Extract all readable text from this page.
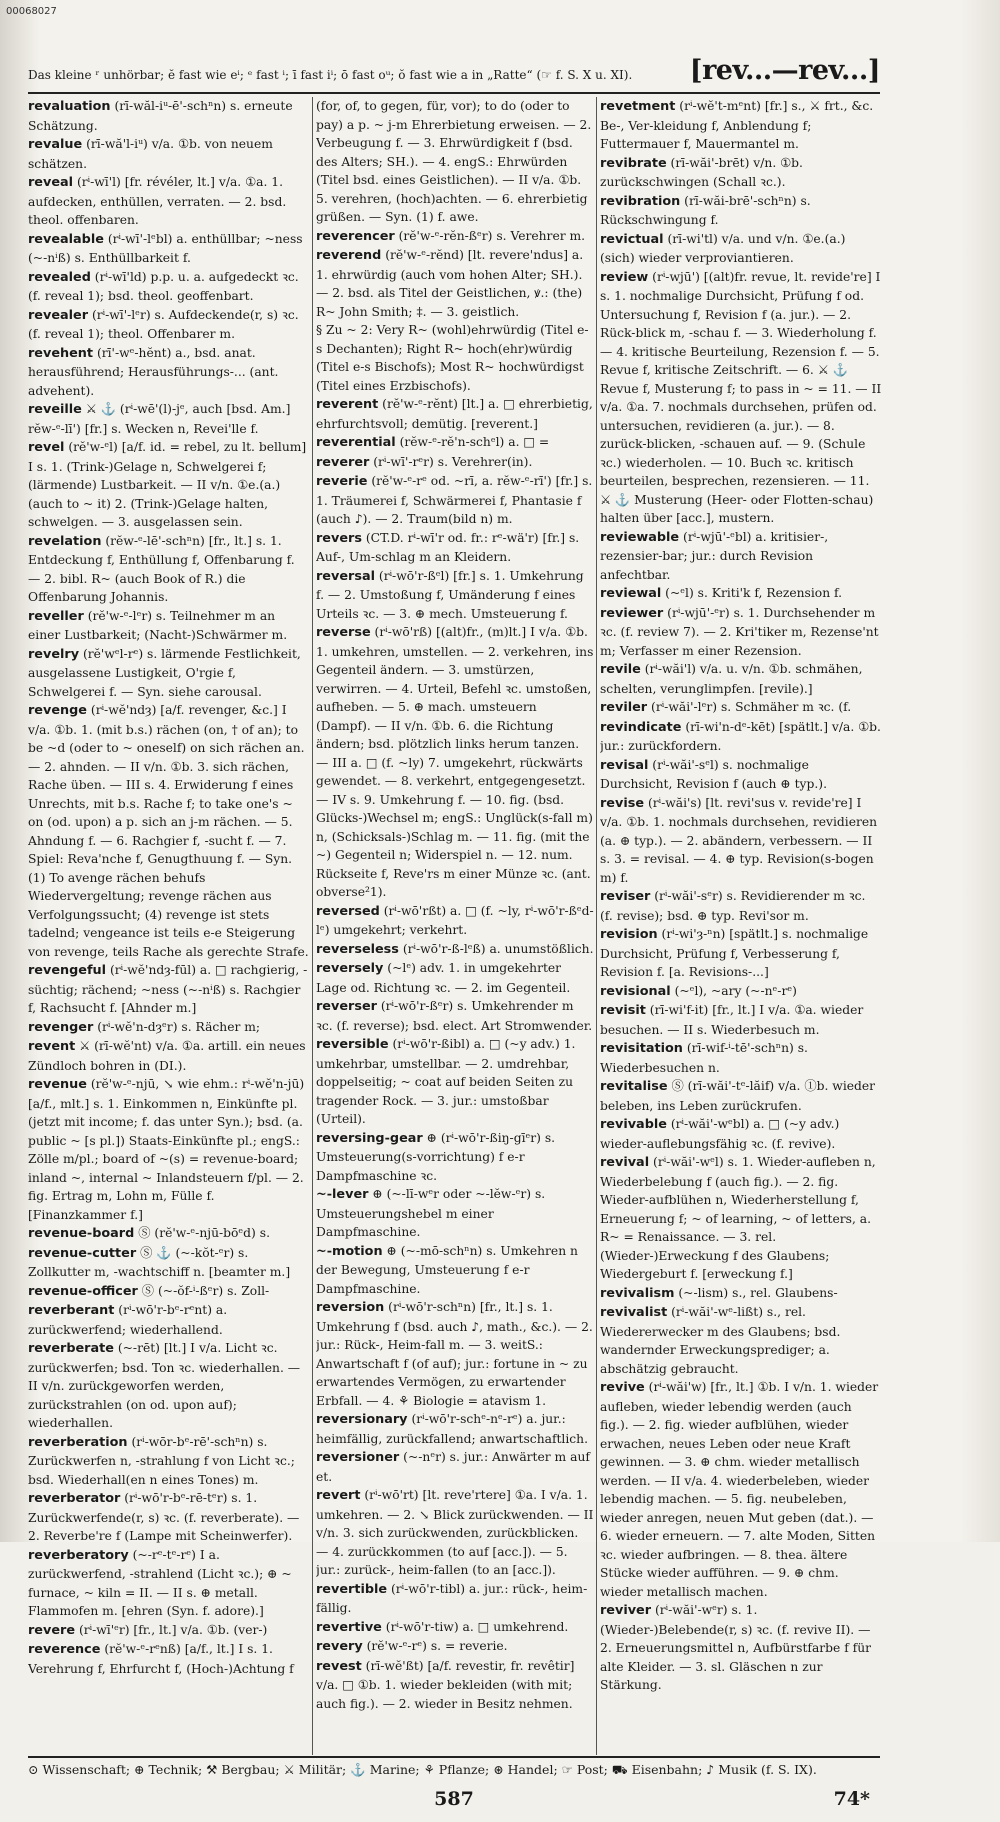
00068027
Das kleine ʳ unhörbar; ĕ fast wie eⁱ; ᵉ fast ⁱ; ī fast iⁱ; ō fast oᵘ; ŏ fast wie a in „Ratte“ (☞ f. S. X u. XI). [rev...—rev...]

revaluation (rī-wăl-iᵘ-ē'-schⁿn) s. erneute Schätzung.

revalue (rī-wă'l-iᵘ) v/a. ①b. von neuem schätzen.

reveal (rⁱ-wī'l) [fr. révéler, lt.] v/a. ①a. 1. aufdecken, enthüllen, verraten. — 2. bsd. theol. offenbaren.

revealable (rⁱ-wī'-lᵉbl) a. enthüllbar; ~ness (~-nⁱß) s. Enthüllbarkeit f.

revealed (rⁱ-wī'ld) p.p. u. a. aufgedeckt ꝛc. (f. reveal 1); bsd. theol. geoffenbart.

revealer (rⁱ-wī'-lᵉr) s. Aufdeckende(r, s) ꝛc. (f. reveal 1); theol. Offenbarer m.

revehent (rī'-wᵉ-hĕnt) a., bsd. anat. herausführend; Herausführungs-... (ant. advehent).

reveille ⚔ ⚓ (rⁱ-wē'(l)-jᵉ, auch [bsd. Am.] rĕw-ᵉ-lī') [fr.] s. Wecken n, Revei'lle f.

revel (rĕ'w-ᵉl) [a/f. id. = rebel, zu lt. bellum] I s. 1. (Trink-)Gelage n, Schwelgerei f; (lärmende) Lustbarkeit. — II v/n. ①e.(a.) (auch to ~ it) 2. (Trink-)Gelage halten, schwelgen. — 3. ausgelassen sein.

revelation (rĕw-ᵉ-lē'-schⁿn) [fr., lt.] s. 1. Entdeckung f, Enthüllung f, Offenbarung f. — 2. bibl. R~ (auch Book of R.) die Offenbarung Johannis.

reveller (rĕ'w-ᵉ-lᵉr) s. Teilnehmer m an einer Lustbarkeit; (Nacht-)Schwärmer m.

revelry (rĕ'wᵉl-rᵉ) s. lärmende Festlichkeit, ausgelassene Lustigkeit, O'rgie f, Schwelgerei f. — Syn. siehe carousal.

revenge (rⁱ-wĕ'ndȝ) [a/f. revenger, &c.] I v/a. ①b. 1. (mit b.s.) rächen (on, † of an); to be ~d (oder to ~ oneself) on sich rächen an. — 2. ahnden. — II v/n. ①b. 3. sich rächen, Rache üben. — III s. 4. Erwiderung f eines Unrechts, mit b.s. Rache f; to take one's ~ on (od. upon) a p. sich an j-m rächen. — 5. Ahndung f. — 6. Rachgier f, -sucht f. — 7. Spiel: Reva'nche f, Genugthuung f. — Syn. (1) To avenge rächen behufs Wiedervergeltung; revenge rächen aus Verfolgungssucht; (4) revenge ist stets tadelnd; vengeance ist teils e-e Steigerung von revenge, teils Rache als gerechte Strafe.

revengeful (rⁱ-wĕ'ndȝ-fūl) a. □ rachgierig, -süchtig; rächend; ~ness (~-nⁱß) s. Rachgier f, Rachsucht f. [Ahnder m.]

revenger (rⁱ-wĕ'n-dȝᵉr) s. Rächer m;

revent ⚔ (rī-wĕ'nt) v/a. ①a. artill. ein neues Zündloch bohren in (DI.).

revenue (rĕ'w-ᵉ-njū, ↘ wie ehm.: rⁱ-wĕ'n-jū) [a/f., mlt.] s. 1. Einkommen n, Einkünfte pl. (jetzt mit income; f. das unter Syn.); bsd. (a. public ~ [s pl.]) Staats-Einkünfte pl.; engS.: Zölle m/pl.; board of ~(s) = revenue-board; inland ~, internal ~ Inlandsteuern f/pl. — 2. fig. Ertrag m, Lohn m, Fülle f. [Finanzkammer f.]

revenue-board Ⓢ (rĕ'w-ᵉ-njū-bōᵉd) s.

revenue-cutter Ⓢ ⚓ (~-kŏt-ᵉr) s. Zollkutter m, -wachtschiff n. [beamter m.]

revenue-officer Ⓢ (~-ŏf-ⁱ-ßᵉr) s. Zoll-

reverberant (rⁱ-wō'r-bᵉ-rᵉnt) a. zurückwerfend; wiederhallend.

reverberate (~-rēt) [lt.] I v/a. Licht ꝛc. zurückwerfen; bsd. Ton ꝛc. wiederhallen. — II v/n. zurückgeworfen werden, zurückstrahlen (on od. upon auf); wiederhallen.

reverberation (rⁱ-wōr-bᵉ-rē'-schⁿn) s. Zurückwerfen n, -strahlung f von Licht ꝛc.; bsd. Wiederhall(en n eines Tones) m.

reverberator (rⁱ-wō'r-bᵉ-rē-tᵉr) s. 1. Zurückwerfende(r, s) ꝛc. (f. reverberate). — 2. Reverbe're f (Lampe mit Scheinwerfer).

reverberatory (~-rᵉ-tᵉ-rᵉ) I a. zurückwerfend, -strahlend (Licht ꝛc.); ⊕ ~ furnace, ~ kiln = II. — II s. ⊕ metall. Flammofen m. [ehren (Syn. f. adore).]

revere (rⁱ-wī'ᵉr) [fr., lt.] v/a. ①b. (ver-)

reverence (rĕ'w-ᵉ-rᵉnß) [a/f., lt.] I s. 1. Verehrung f, Ehrfurcht f, (Hoch-)Achtung f

(for, of, to gegen, für, vor); to do (oder to pay) a p. ~ j-m Ehrerbietung erweisen. — 2. Verbeugung f. — 3. Ehrwürdigkeit f (bsd. des Alters; SH.). — 4. engS.: Ehrwürden (Titel bsd. eines Geistlichen). — II v/a. ①b. 5. verehren, (hoch)achten. — 6. ehrerbietig grüßen. — Syn. (1) f. awe.

reverencer (rĕ'w-ᵉ-rĕn-ßᵉr) s. Verehrer m.

reverend (rĕ'w-ᵉ-rĕnd) [lt. revere'ndus] a. 1. ehrwürdig (auch vom hohen Alter; SH.). — 2. bsd. als Titel der Geistlichen, ꝟ.: (the) R~ John Smith; ‡. — 3. geistlich.

§ Zu ~ 2: Very R~ (wohl)ehrwürdig (Titel e-s Dechanten); Right R~ hoch(ehr)würdig (Titel e-s Bischofs); Most R~ hochwürdigst (Titel eines Erzbischofs).

reverent (rĕ'w-ᵉ-rĕnt) [lt.] a. □ ehrerbietig, ehrfurchtsvoll; demütig. [reverent.]

reverential (rĕw-ᵉ-rĕ'n-schᵉl) a. □ =

reverer (rⁱ-wī'-rᵉr) s. Verehrer(in).

reverie (rĕ'w-ᵉ-rᵉ od. ~rī, a. rĕw-ᵉ-rī') [fr.] s. 1. Träumerei f, Schwärmerei f, Phantasie f (auch ♪). — 2. Traum(bild n) m.

revers (CT.D. rⁱ-wī'r od. fr.: rᵉ-wä'r) [fr.] s. Auf-, Um-schlag m an Kleidern.

reversal (rⁱ-wō'r-ßᵉl) [fr.] s. 1. Umkehrung f. — 2. Umstoßung f, Umänderung f eines Urteils ꝛc. — 3. ⊕ mech. Umsteuerung f.

reverse (rⁱ-wō'rß) [(alt)fr., (m)lt.] I v/a. ①b. 1. umkehren, umstellen. — 2. verkehren, ins Gegenteil ändern. — 3. umstürzen, verwirren. — 4. Urteil, Befehl ꝛc. umstoßen, aufheben. — 5. ⊕ mach. umsteuern (Dampf). — II v/n. ①b. 6. die Richtung ändern; bsd. plötzlich links herum tanzen. — III a. □ (f. ~ly) 7. umgekehrt, rückwärts gewendet. — 8. verkehrt, entgegengesetzt. — IV s. 9. Umkehrung f. — 10. fig. (bsd. Glücks-)Wechsel m; engS.: Unglück(s-fall m) n, (Schicksals-)Schlag m. — 11. fig. (mit the ~) Gegenteil n; Widerspiel n. — 12. num. Rückseite f, Reve'rs m einer Münze ꝛc. (ant. obverse²1).

reversed (rⁱ-wō'rßt) a. □ (f. ~ly, rⁱ-wō'r-ßᵉd-lᵉ) umgekehrt; verkehrt.

reverseless (rⁱ-wō'r-ß-lᵉß) a. unumstößlich.

reversely (~lᵉ) adv. 1. in umgekehrter Lage od. Richtung ꝛc. — 2. im Gegenteil.

reverser (rⁱ-wō'r-ßᵉr) s. Umkehrender m ꝛc. (f. reverse); bsd. elect. Art Stromwender.

reversible (rⁱ-wō'r-ßibl) a. □ (~y adv.) 1. umkehrbar, umstellbar. — 2. umdrehbar, doppelseitig; ~ coat auf beiden Seiten zu tragender Rock. — 3. jur.: umstoßbar (Urteil).

reversing-gear ⊕ (rⁱ-wō'r-ßiŋ-gīᵉr) s. Umsteuerung(s-vorrichtung) f e-r Dampfmaschine ꝛc.

~-lever ⊕ (~-lī-wᵉr oder ~-lĕw-ᵉr) s. Umsteuerungshebel m einer Dampfmaschine.

~-motion ⊕ (~-mō-schⁿn) s. Umkehren n der Bewegung, Umsteuerung f e-r Dampfmaschine.

reversion (rⁱ-wō'r-schⁿn) [fr., lt.] s. 1. Umkehrung f (bsd. auch ♪, math., &c.). — 2. jur.: Rück-, Heim-fall m. — 3. weitS.: Anwartschaft f (of auf); jur.: fortune in ~ zu erwartendes Vermögen, zu erwartender Erbfall. — 4. ⚘ Biologie = atavism 1.

reversionary (rⁱ-wō'r-schᵉ-nᵉ-rᵉ) a. jur.: heimfällig, zurückfallend; anwartschaftlich.

reversioner (~-nᵉr) s. jur.: Anwärter m auf et.

revert (rⁱ-wō'rt) [lt. reve'rtere] ①a. I v/a. 1. umkehren. — 2. ↘ Blick zurückwenden. — II v/n. 3. sich zurückwenden, zurückblicken. — 4. zurückkommen (to auf [acc.]). — 5. jur.: zurück-, heim-fallen (to an [acc.]).

revertible (rⁱ-wō'r-tibl) a. jur.: rück-, heim-fällig.

revertive (rⁱ-wō'r-tiw) a. □ umkehrend.

revery (rĕ'w-ᵉ-rᵉ) s. = reverie.

revest (rī-wĕ'ßt) [a/f. revestir, fr. revêtir] v/a. □ ①b. 1. wieder bekleiden (with mit; auch fig.). — 2. wieder in Besitz nehmen.

revetment (rⁱ-wĕ't-mᵉnt) [fr.] s., ⚔ frt., &c. Be-, Ver-kleidung f, Anblendung f; Futtermauer f, Mauermantel m.

revibrate (rī-wăi'-brēt) v/n. ①b. zurückschwingen (Schall ꝛc.).

revibration (rī-wăi-brē'-schⁿn) s. Rückschwingung f.

revictual (rī-wi'tl) v/a. und v/n. ①e.(a.) (sich) wieder verproviantieren.

review (rⁱ-wjū') [(alt)fr. revue, lt. revide're] I s. 1. nochmalige Durchsicht, Prüfung f od. Untersuchung f, Revision f (a. jur.). — 2. Rück-blick m, -schau f. — 3. Wiederholung f. — 4. kritische Beurteilung, Rezension f. — 5. Revue f, kritische Zeitschrift. — 6. ⚔ ⚓ Revue f, Musterung f; to pass in ~ = 11. — II v/a. ①a. 7. nochmals durchsehen, prüfen od. untersuchen, revidieren (a. jur.). — 8. zurück-blicken, -schauen auf. — 9. (Schule ꝛc.) wiederholen. — 10. Buch ꝛc. kritisch beurteilen, besprechen, rezensieren. — 11. ⚔ ⚓ Musterung (Heer- oder Flotten-schau) halten über [acc.], mustern.

reviewable (rⁱ-wjū'-ᵉbl) a. kritisier-, rezensier-bar; jur.: durch Revision anfechtbar.

reviewal (~ᵉl) s. Kriti'k f, Rezension f.

reviewer (rⁱ-wjū'-ᵉr) s. 1. Durchsehender m ꝛc. (f. review 7). — 2. Kri'tiker m, Rezense'nt m; Verfasser m einer Rezension.

revile (rⁱ-wăi'l) v/a. u. v/n. ①b. schmähen, schelten, verunglimpfen. [revile).]

reviler (rⁱ-wăi'-lᵉr) s. Schmäher m ꝛc. (f.

revindicate (rī-wi'n-dᵉ-kēt) [spätlt.] v/a. ①b. jur.: zurückfordern.

revisal (rⁱ-wăi'-sᵉl) s. nochmalige Durchsicht, Revision f (auch ⊕ typ.).

revise (rⁱ-wăi's) [lt. revi'sus v. revide're] I v/a. ①b. 1. nochmals durchsehen, revidieren (a. ⊕ typ.). — 2. abändern, verbessern. — II s. 3. = revisal. — 4. ⊕ typ. Revision(s-bogen m) f.

reviser (rⁱ-wăi'-sᵉr) s. Revidierender m ꝛc. (f. revise); bsd. ⊕ typ. Revi'sor m.

revision (rⁱ-wi'ȝ-ⁿn) [spätlt.] s. nochmalige Durchsicht, Prüfung f, Verbesserung f, Revision f. [a. Revisions-...]

revisional (~ᵉl), ~ary (~-nᵉ-rᵉ)

revisit (rī-wi'f-it) [fr., lt.] I v/a. ①a. wieder besuchen. — II s. Wiederbesuch m.

revisitation (rī-wif-ⁱ-tē'-schⁿn) s. Wiederbesuchen n.

revitalise Ⓢ (rī-wăi'-tᵉ-lăif) v/a. ①b. wieder beleben, ins Leben zurückrufen.

revivable (rⁱ-wăi'-wᵉbl) a. □ (~y adv.) wieder-auflebungsfähig ꝛc. (f. revive).

revival (rⁱ-wăi'-wᵉl) s. 1. Wieder-aufleben n, Wiederbelebung f (auch fig.). — 2. fig. Wieder-aufblühen n, Wiederherstellung f, Erneuerung f; ~ of learning, ~ of letters, a. R~ = Renaissance. — 3. rel. (Wieder-)Erweckung f des Glaubens; Wiedergeburt f. [erweckung f.]

revivalism (~-lism) s., rel. Glaubens-

revivalist (rⁱ-wăi'-wᵉ-lißt) s., rel. Wiedererwecker m des Glaubens; bsd. wandernder Erweckungsprediger; a. abschätzig gebraucht.

revive (rⁱ-wăi'w) [fr., lt.] ①b. I v/n. 1. wieder aufleben, wieder lebendig werden (auch fig.). — 2. fig. wieder aufblühen, wieder erwachen, neues Leben oder neue Kraft gewinnen. — 3. ⊕ chm. wieder metallisch werden. — II v/a. 4. wiederbeleben, wieder lebendig machen. — 5. fig. neubeleben, wieder anregen, neuen Mut geben (dat.). — 6. wieder erneuern. — 7. alte Moden, Sitten ꝛc. wieder aufbringen. — 8. thea. ältere Stücke wieder aufführen. — 9. ⊕ chm. wieder metallisch machen.

reviver (rⁱ-wăi'-wᵉr) s. 1. (Wieder-)Belebende(r, s) ꝛc. (f. revive II). — 2. Erneuerungsmittel n, Aufbürstfarbe f für alte Kleider. — 3. sl. Gläschen n zur Stärkung.

⊙ Wissenschaft; ⊕ Technik; ⚒ Bergbau; ⚔ Militär; ⚓ Marine; ⚘ Pflanze; ⊛ Handel; ☞ Post; ⛟ Eisenbahn; ♪ Musik (f. S. IX).
587	74*
